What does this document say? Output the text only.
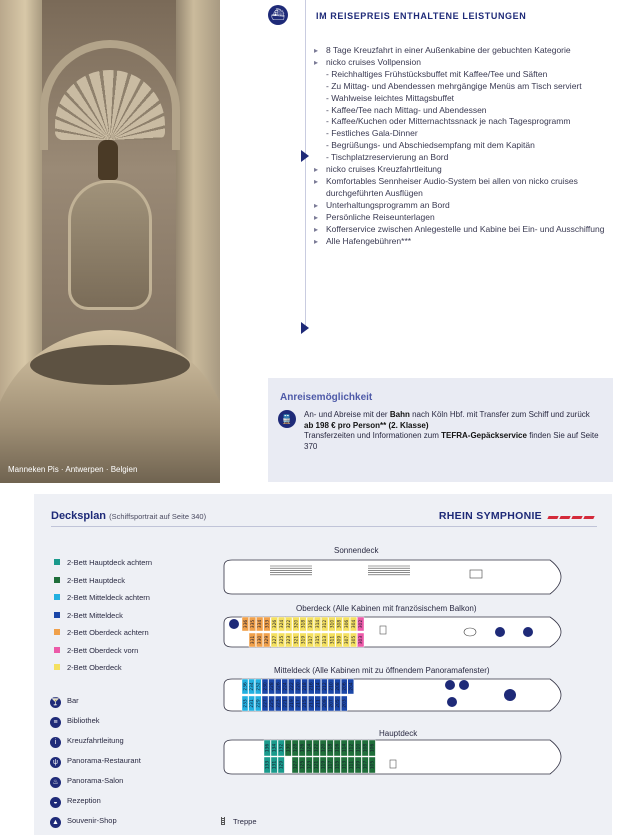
Manneken Pis · Antwerpen · Belgien
⛴	IM REISEPREIS ENTHALTENE LEISTUNGEN
▸ 8 Tage Kreuzfahrt in einer Außenkabine der gebuchten Kategorie
▸ nicko cruises Vollpension
- Reichhaltiges Frühstücksbuffet mit Kaffee/Tee und Säften
- Zu Mittag- und Abendessen mehrgängige Menüs am Tisch serviert
- Wahlweise leichtes Mittagsbuffet
- Kaffee/Tee nach Mittag- und Abendessen
- Kaffee/Kuchen oder Mitternachtssnack je nach Tagesprogramm
- Festliches Gala-Dinner
- Begrüßungs- und Abschiedsempfang mit dem Kapitän
- Tischplatzreservierung an Bord
▸ nicko cruises Kreuzfahrtleitung
▸ Komfortables Sennheiser Audio-System bei allen von nicko cruises durchgeführten Ausflügen
▸ Unterhaltungsprogramm an Bord
▸ Persönliche Reiseunterlagen
▸ Kofferservice zwischen Anlegestelle und Kabine bei Ein- und Ausschiffung
▸ Alle Hafengebühren***
Anreisemöglichkeit
🚆	An- und Abreise mit der Bahn nach Köln Hbf. mit Transfer zum Schiff und zurück
ab 198 € pro Person** (2. Klasse)
Transferzeiten und Informationen zum TEFRA-Gepäckservice finden Sie auf Seite 370
Decksplan (Schiffsportrait auf Seite 340)	RHEIN SYMPHONIE
2-Bett Hauptdeck achtern
2-Bett Hauptdeck
2-Bett Mitteldeck achtern
2-Bett Mitteldeck
2-Bett Oberdeck achtern
2-Bett Oberdeck vorn
2-Bett Oberdeck
🍸 Bar
≡ Bibliothek
i Kreuzfahrtleitung
ψ Panorama-Restaurant
♨ Panorama-Salon
◒ Rezeption
▲ Souvenir-Shop	Treppe
Sonnendeck
Oberdeck (Alle Kabinen mit französischem Balkon)
Mitteldeck (Alle Kabinen mit zu öffnendem Panoramafenster)
Hauptdeck
336 335 334 333
331 330 329
326 324 322 320 318 316 314 312 310 308 306 304
327 325 323 321 319 317 315 313 311 309 307 305
302
303
236 234 232
233 231 229
230 228 226 224 222 220 218 216 214 212 210 208 206 204
227 225 223 221 219 217 215 213 211 209 207 205 203
136 134 132
133 131 129
130 128 126 124 122 120 118 116 114 112 110 108 106
127 125 123 121 119 117 115 113 111 109 107 105
